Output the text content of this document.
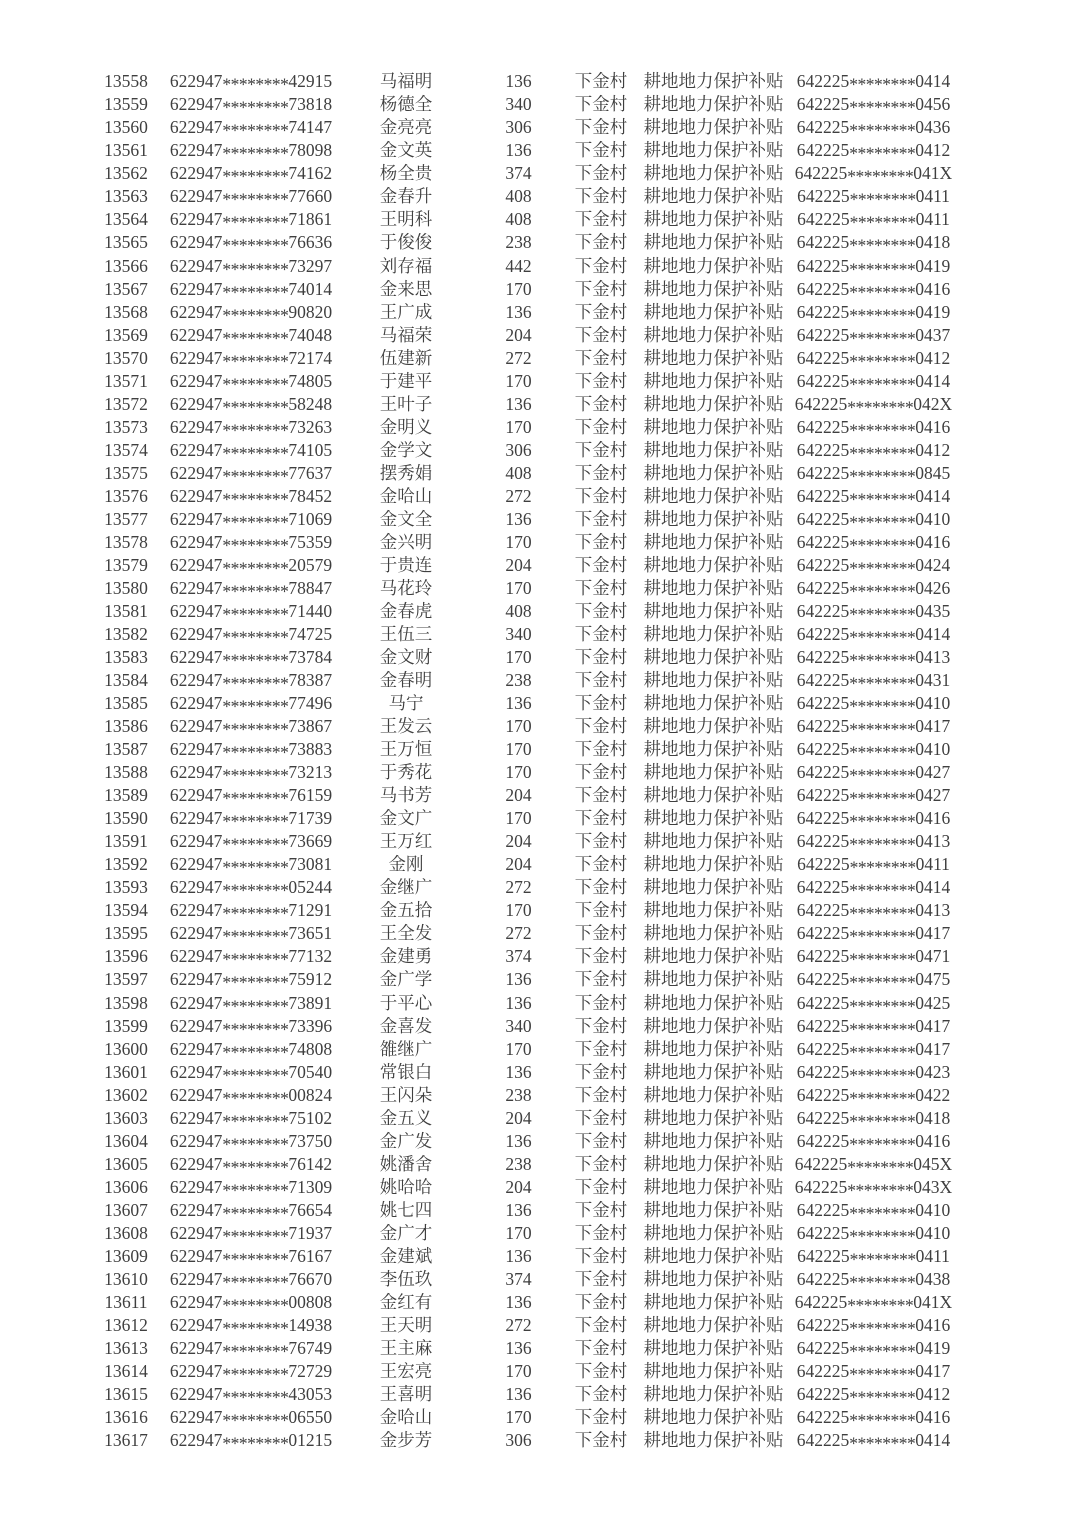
13558	622947********42915	马福明	136	下金村 耕地地力保护补贴 642225********0414
13559	622947********73818	杨德全	340	下金村 耕地地力保护补贴 642225********0456
13560	622947********74147	金亮亮	306	下金村 耕地地力保护补贴 642225********0436
13561	622947********78098	金文英	136	下金村 耕地地力保护补贴 642225********0412
13562	622947********74162	杨全贵	374	下金村 耕地地力保护补贴 642225********041X
13563	622947********77660	金春升	408	下金村 耕地地力保护补贴 642225********0411
13564	622947********71861	王明科	408	下金村 耕地地力保护补贴 642225********0411
13565	622947********76636	于俊俊	238	下金村 耕地地力保护补贴 642225********0418
13566	622947********73297	刘存福	442	下金村 耕地地力保护补贴 642225********0419
13567	622947********74014	金来思	170	下金村 耕地地力保护补贴 642225********0416
13568	622947********90820	王广成	136	下金村 耕地地力保护补贴 642225********0419
13569	622947********74048	马福荣	204	下金村 耕地地力保护补贴 642225********0437
13570	622947********72174	伍建新	272	下金村 耕地地力保护补贴 642225********0412
13571	622947********74805	于建平	170	下金村 耕地地力保护补贴 642225********0414
13572	622947********58248	王叶子	136	下金村 耕地地力保护补贴 642225********042X
13573	622947********73263	金明义	170	下金村 耕地地力保护补贴 642225********0416
13574	622947********74105	金学文	306	下金村 耕地地力保护补贴 642225********0412
13575	622947********77637	摆秀娟	408	下金村 耕地地力保护补贴 642225********0845
13576	622947********78452	金哈山	272	下金村 耕地地力保护补贴 642225********0414
13577	622947********71069	金文全	136	下金村 耕地地力保护补贴 642225********0410
13578	622947********75359	金兴明	170	下金村 耕地地力保护补贴 642225********0416
13579	622947********20579	于贵连	204	下金村 耕地地力保护补贴 642225********0424
13580	622947********78847	马花玲	170	下金村 耕地地力保护补贴 642225********0426
13581	622947********71440	金春虎	408	下金村 耕地地力保护补贴 642225********0435
13582	622947********74725	王伍三	340	下金村 耕地地力保护补贴 642225********0414
13583	622947********73784	金文财	170	下金村 耕地地力保护补贴 642225********0413
13584	622947********78387	金春明	238	下金村 耕地地力保护补贴 642225********0431
13585	622947********77496	马宁	136	下金村 耕地地力保护补贴 642225********0410
13586	622947********73867	王发云	170	下金村 耕地地力保护补贴 642225********0417
13587	622947********73883	王万恒	170	下金村 耕地地力保护补贴 642225********0410
13588	622947********73213	于秀花	170	下金村 耕地地力保护补贴 642225********0427
13589	622947********76159	马书芳	204	下金村 耕地地力保护补贴 642225********0427
13590	622947********71739	金文广	170	下金村 耕地地力保护补贴 642225********0416
13591	622947********73669	王万红	204	下金村 耕地地力保护补贴 642225********0413
13592	622947********73081	金刚	204	下金村 耕地地力保护补贴 642225********0411
13593	622947********05244	金继广	272	下金村 耕地地力保护补贴 642225********0414
13594	622947********71291	金五拾	170	下金村 耕地地力保护补贴 642225********0413
13595	622947********73651	王全发	272	下金村 耕地地力保护补贴 642225********0417
13596	622947********77132	金建勇	374	下金村 耕地地力保护补贴 642225********0471
13597	622947********75912	金广学	136	下金村 耕地地力保护补贴 642225********0475
13598	622947********73891	于平心	136	下金村 耕地地力保护补贴 642225********0425
13599	622947********73396	金喜发	340	下金村 耕地地力保护补贴 642225********0417
13600	622947********74808	雒继广	170	下金村 耕地地力保护补贴 642225********0417
13601	622947********70540	常银白	136	下金村 耕地地力保护补贴 642225********0423
13602	622947********00824	王闪朵	238	下金村 耕地地力保护补贴 642225********0422
13603	622947********75102	金五义	204	下金村 耕地地力保护补贴 642225********0418
13604	622947********73750	金广发	136	下金村 耕地地力保护补贴 642225********0416
13605	622947********76142	姚潘舍	238	下金村 耕地地力保护补贴 642225********045X
13606	622947********71309	姚哈哈	204	下金村 耕地地力保护补贴 642225********043X
13607	622947********76654	姚七四	136	下金村 耕地地力保护补贴 642225********0410
13608	622947********71937	金广才	170	下金村 耕地地力保护补贴 642225********0410
13609	622947********76167	金建斌	136	下金村 耕地地力保护补贴 642225********0411
13610	622947********76670	李伍玖	374	下金村 耕地地力保护补贴 642225********0438
13611	622947********00808	金红有	136	下金村 耕地地力保护补贴 642225********041X
13612	622947********14938	王天明	272	下金村 耕地地力保护补贴 642225********0416
13613	622947********76749	王主麻	136	下金村 耕地地力保护补贴 642225********0419
13614	622947********72729	王宏亮	170	下金村 耕地地力保护补贴 642225********0417
13615	622947********43053	王喜明	136	下金村 耕地地力保护补贴 642225********0412
13616	622947********06550	金哈山	170	下金村 耕地地力保护补贴 642225********0416
13617	622947********01215	金步芳	306	下金村 耕地地力保护补贴 642225********0414
